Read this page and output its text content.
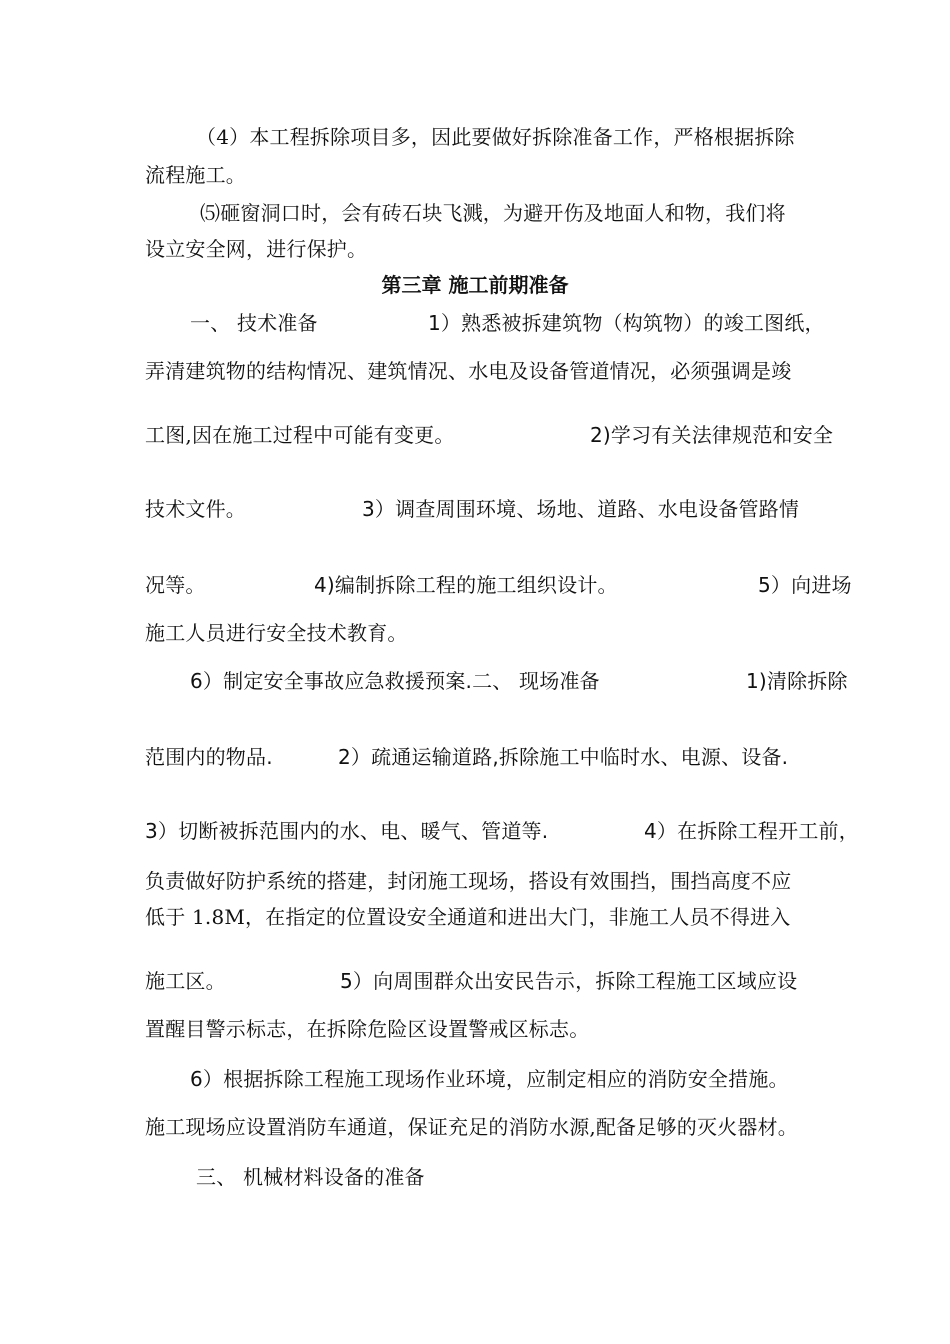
（4）本工程拆除项目多，因此要做好拆除准备工作，严格根据拆除
流程施工。
⑸砸窗洞口时，会有砖石块飞溅，为避开伤及地面人和物，我们将
设立安全网，进行保护。
第三章 施工前期准备
一、 技术准备	1）熟悉被拆建筑物（构筑物）的竣工图纸，
弄清建筑物的结构情况、建筑情况、水电及设备管道情况，必须强调是竣
工图,因在施工过程中可能有变更。	2)学习有关法律规范和安全
技术文件。	3）调查周围环境、场地、道路、水电设备管路情
况等。	4)编制拆除工程的施工组织设计。	5）向进场
施工人员进行安全技术教育。
6）制定安全事故应急救援预案.二、 现场准备	1)清除拆除
范围内的物品.	2）疏通运输道路,拆除施工中临时水、电源、设备.
3）切断被拆范围内的水、电、暖气、管道等.	4）在拆除工程开工前，
负责做好防护系统的搭建，封闭施工现场，搭设有效围挡，围挡高度不应
低于 1.8M，在指定的位置设安全通道和进出大门，非施工人员不得进入
施工区。	5）向周围群众出安民告示，拆除工程施工区域应设
置醒目警示标志，在拆除危险区设置警戒区标志。
6）根据拆除工程施工现场作业环境，应制定相应的消防安全措施。
施工现场应设置消防车通道，保证充足的消防水源,配备足够的灭火器材。
三、 机械材料设备的准备
